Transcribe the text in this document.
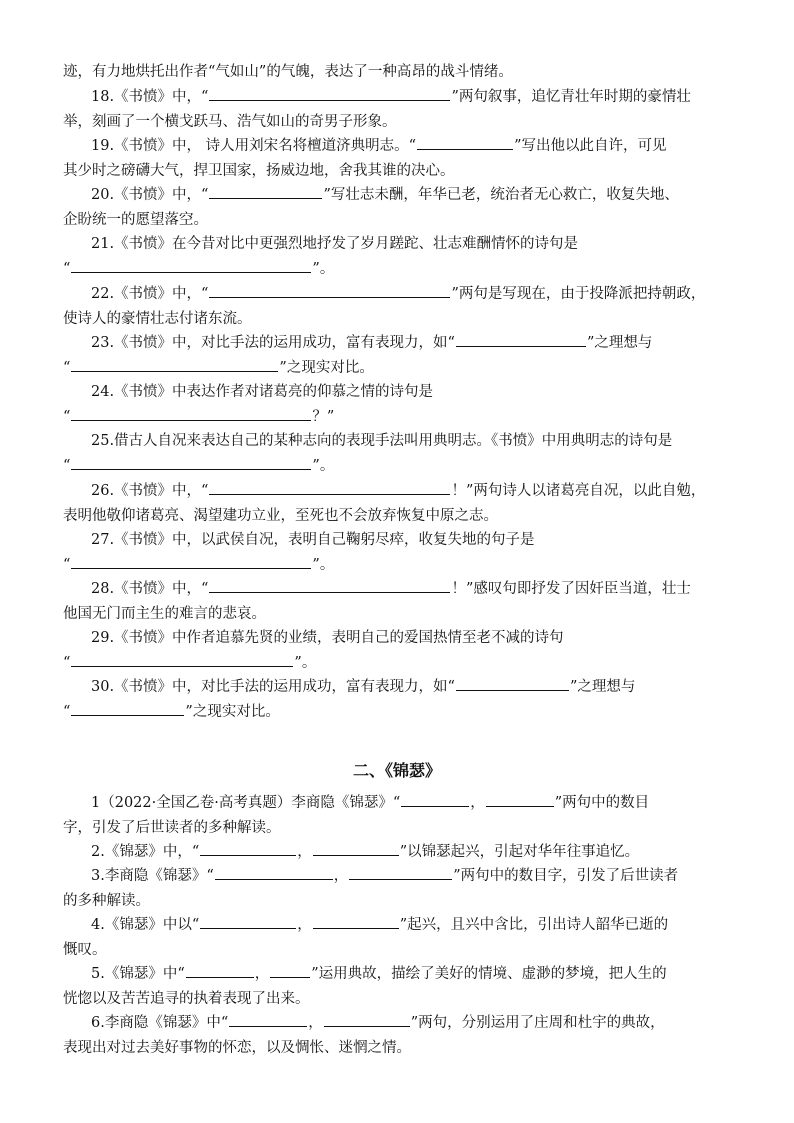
迹，有力地烘托出作者“气如山”的气魄，表达了一种高昂的战斗情绪。
18.《书愤》中，“	”两句叙事，追忆青壮年时期的豪情壮
举，刻画了一个横戈跃马、浩气如山的奇男子形象。
19.《书愤》中， 诗人用刘宋名将檀道济典明志。“	”写出他以此自许，可见
其少时之磅礴大气，捍卫国家，扬威边地，舍我其谁的决心。
20.《书愤》中，“	”写壮志未酬，年华已老，统治者无心救亡，收复失地、
企盼统一的愿望落空。
21.《书愤》在今昔对比中更强烈地抒发了岁月蹉跎、壮志难酬情怀的诗句是
“	”。
22.《书愤》中，“	”两句是写现在，由于投降派把持朝政，
使诗人的豪情壮志付诸东流。
23.《书愤》中，对比手法的运用成功，富有表现力，如“	”之理想与
“	”之现实对比。
24.《书愤》中表达作者对诸葛亮的仰慕之情的诗句是
“	？”
25.借古人自况来表达自己的某种志向的表现手法叫用典明志。《书愤》中用典明志的诗句是
“	”。
26.《书愤》中，“	！”两句诗人以诸葛亮自况，以此自勉，
表明他敬仰诸葛亮、渴望建功立业，至死也不会放弃恢复中原之志。
27.《书愤》中，以武侯自况，表明自己鞠躬尽瘁，收复失地的句子是
“	”。
28.《书愤》中，“	！”感叹句即抒发了因奸臣当道，壮士
他国无门而主生的难言的悲哀。
29.《书愤》中作者追慕先贤的业绩，表明自己的爱国热情至老不减的诗句
“	”。
30.《书愤》中，对比手法的运用成功，富有表现力，如“	”之理想与
“	”之现实对比。
二、《锦瑟》
1（2022·全国乙卷·高考真题）李商隐《锦瑟》“	，	”两句中的数目
字，引发了后世读者的多种解读。
2.《锦瑟》中，“	，	”以锦瑟起兴，引起对华年往事追忆。
3.李商隐《锦瑟》“	，	”两句中的数目字，引发了后世读者
的多种解读。
4.《锦瑟》中以“	，	”起兴，且兴中含比，引出诗人韶华已逝的
慨叹。
5.《锦瑟》中“	，	”运用典故，描绘了美好的情境、虚渺的梦境，把人生的
恍惚以及苦苦追寻的执着表现了出来。
6.李商隐《锦瑟》中“	，	”两句，分别运用了庄周和杜宇的典故，
表现出对过去美好事物的怀恋，以及惆怅、迷惘之情。
